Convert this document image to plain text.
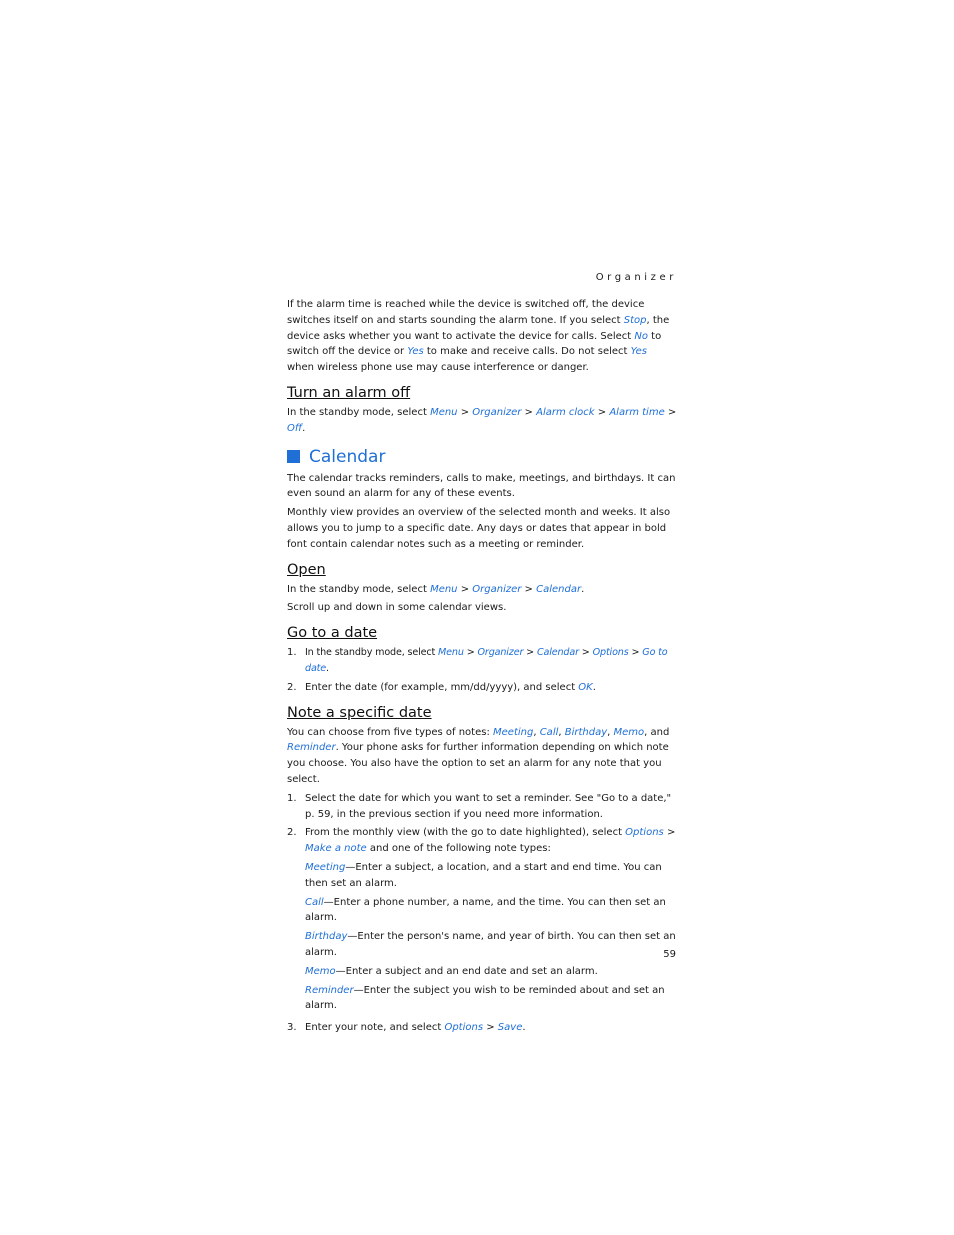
Organizer

If the alarm time is reached while the device is switched off, the device switches itself on and starts sounding the alarm tone. If you select Stop, the device asks whether you want to activate the device for calls. Select No to switch off the device or Yes to make and receive calls. Do not select Yes when wireless phone use may cause interference or danger.

Turn an alarm off

In the standby mode, select Menu > Organizer > Alarm clock > Alarm time > Off.

Calendar

The calendar tracks reminders, calls to make, meetings, and birthdays. It can even sound an alarm for any of these events.

Monthly view provides an overview of the selected month and weeks. It also allows you to jump to a specific date. Any days or dates that appear in bold font contain calendar notes such as a meeting or reminder.

Open

In the standby mode, select Menu > Organizer > Calendar.

Scroll up and down in some calendar views.

Go to a date
1. In the standby mode, select Menu > Organizer > Calendar > Options > Go to date.
2. Enter the date (for example, mm/dd/yyyy), and select OK.
Note a specific date

You can choose from five types of notes: Meeting, Call, Birthday, Memo, and Reminder. Your phone asks for further information depending on which note you choose. You also have the option to set an alarm for any note that you select.

1. Select the date for which you want to set a reminder. See "Go to a date," p. 59, in the previous section if you need more information.
2. From the monthly view (with the go to date highlighted), select Options > Make a note and one of the following note types:
Meeting—Enter a subject, a location, and a start and end time. You can then set an alarm.
Call—Enter a phone number, a name, and the time. You can then set an alarm.
Birthday—Enter the person's name, and year of birth. You can then set an alarm.
Memo—Enter a subject and an end date and set an alarm.
Reminder—Enter the subject you wish to be reminded about and set an alarm.
3. Enter your note, and select Options > Save.
59
